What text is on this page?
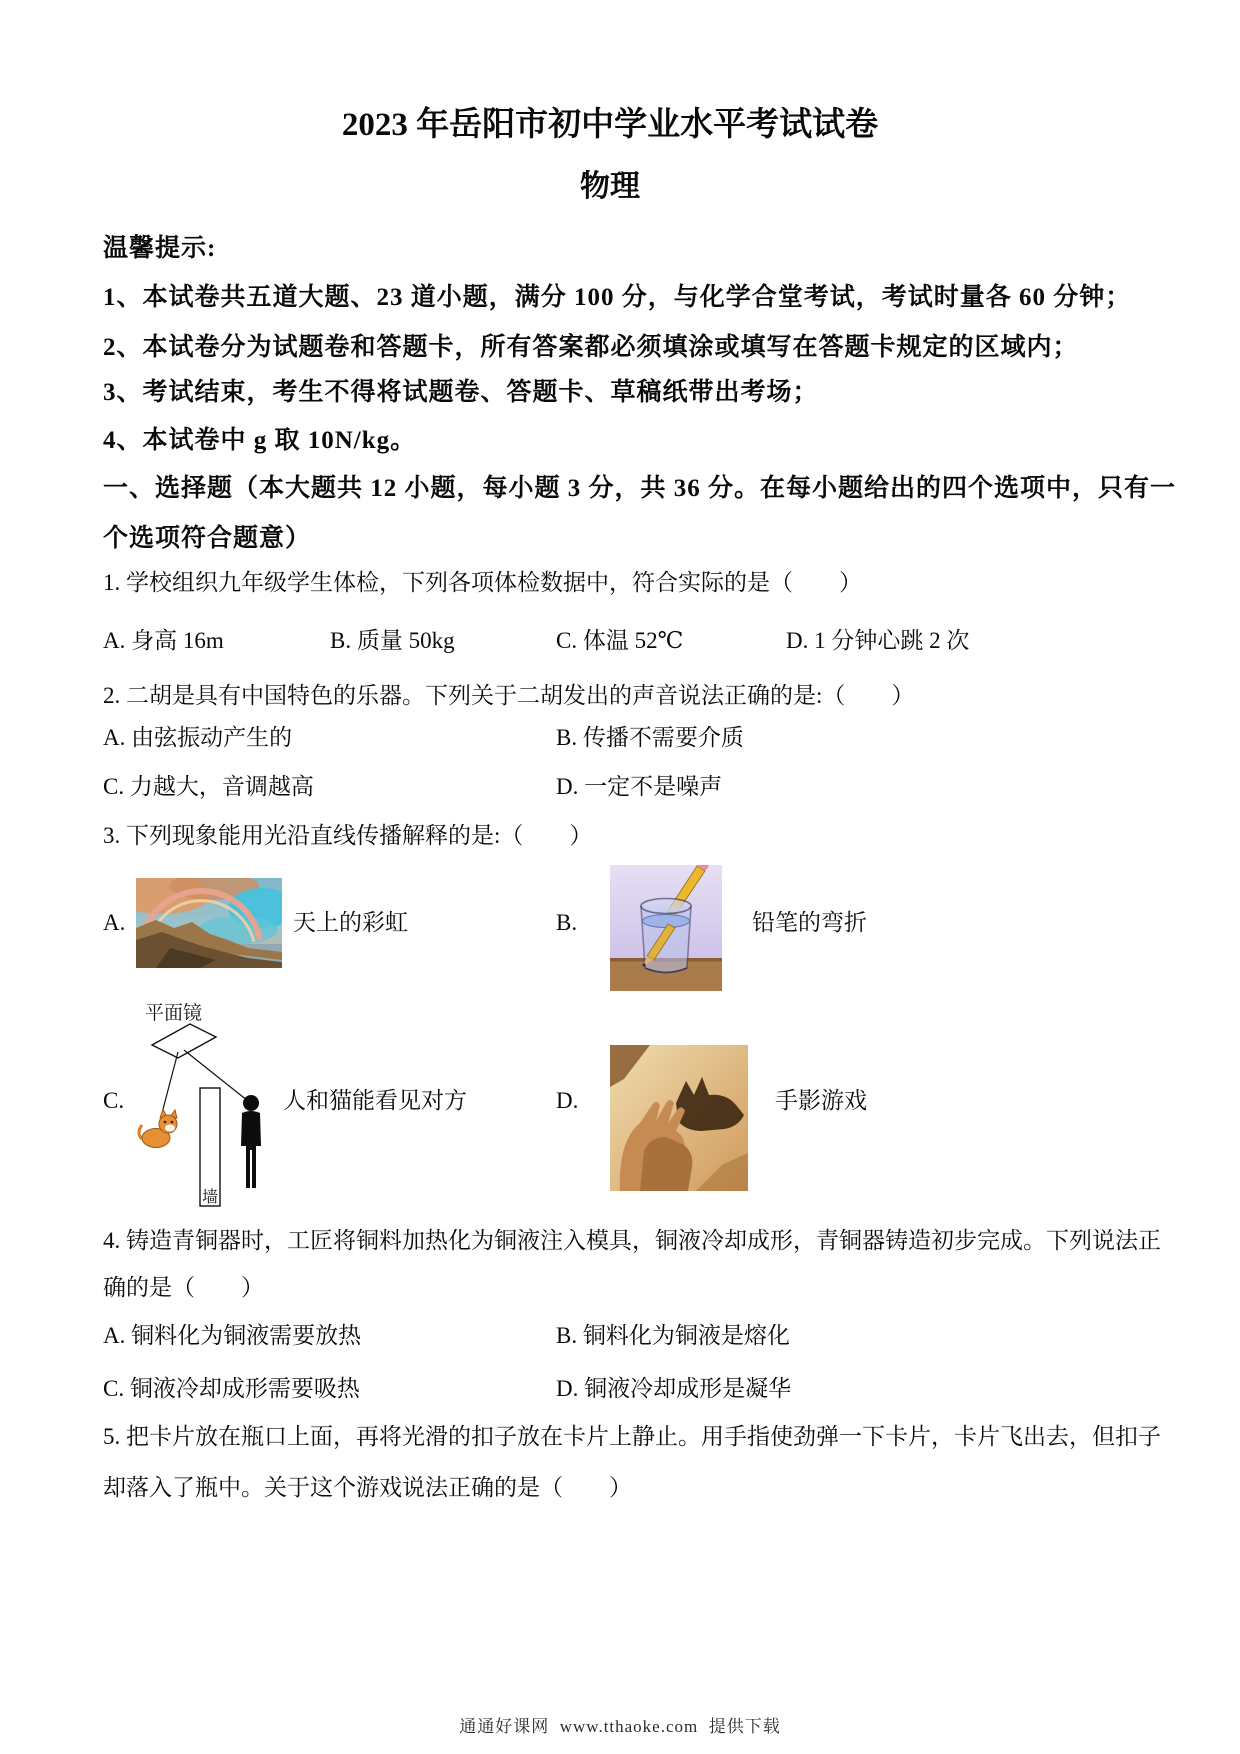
2023 年岳阳市初中学业水平考试试卷
物理
温馨提示:
1、本试卷共五道大题、23 道小题，满分 100 分，与化学合堂考试，考试时量各 60 分钟；
2、本试卷分为试题卷和答题卡，所有答案都必须填涂或填写在答题卡规定的区域内；
3、考试结束，考生不得将试题卷、答题卡、草稿纸带出考场；
4、本试卷中 g 取 10N/kg。
一、选择题（本大题共 12 小题，每小题 3 分，共 36 分。在每小题给出的四个选项中，只有一
个选项符合题意）
1. 学校组织九年级学生体检，下列各项体检数据中，符合实际的是（　　）
A. 身高 16m	B. 质量 50kg	C. 体温 52℃	D. 1 分钟心跳 2 次
2. 二胡是具有中国特色的乐器。下列关于二胡发出的声音说法正确的是:（　　）
A. 由弦振动产生的	B. 传播不需要介质
C. 力越大，音调越高	D. 一定不是噪声
3. 下列现象能用光沿直线传播解释的是:（　　）
A.	天上的彩虹	B.	铅笔的弯折
C.
平面镜
墙
人和猫能看见对方	D.	手影游戏
4. 铸造青铜器时，工匠将铜料加热化为铜液注入模具，铜液冷却成形，青铜器铸造初步完成。下列说法正
确的是（　　）
A. 铜料化为铜液需要放热	B. 铜料化为铜液是熔化
C. 铜液冷却成形需要吸热	D. 铜液冷却成形是凝华
5. 把卡片放在瓶口上面，再将光滑的扣子放在卡片上静止。用手指使劲弹一下卡片，卡片飞出去，但扣子
却落入了瓶中。关于这个游戏说法正确的是（　　）
通通好课网  www.tthaoke.com  提供下载
